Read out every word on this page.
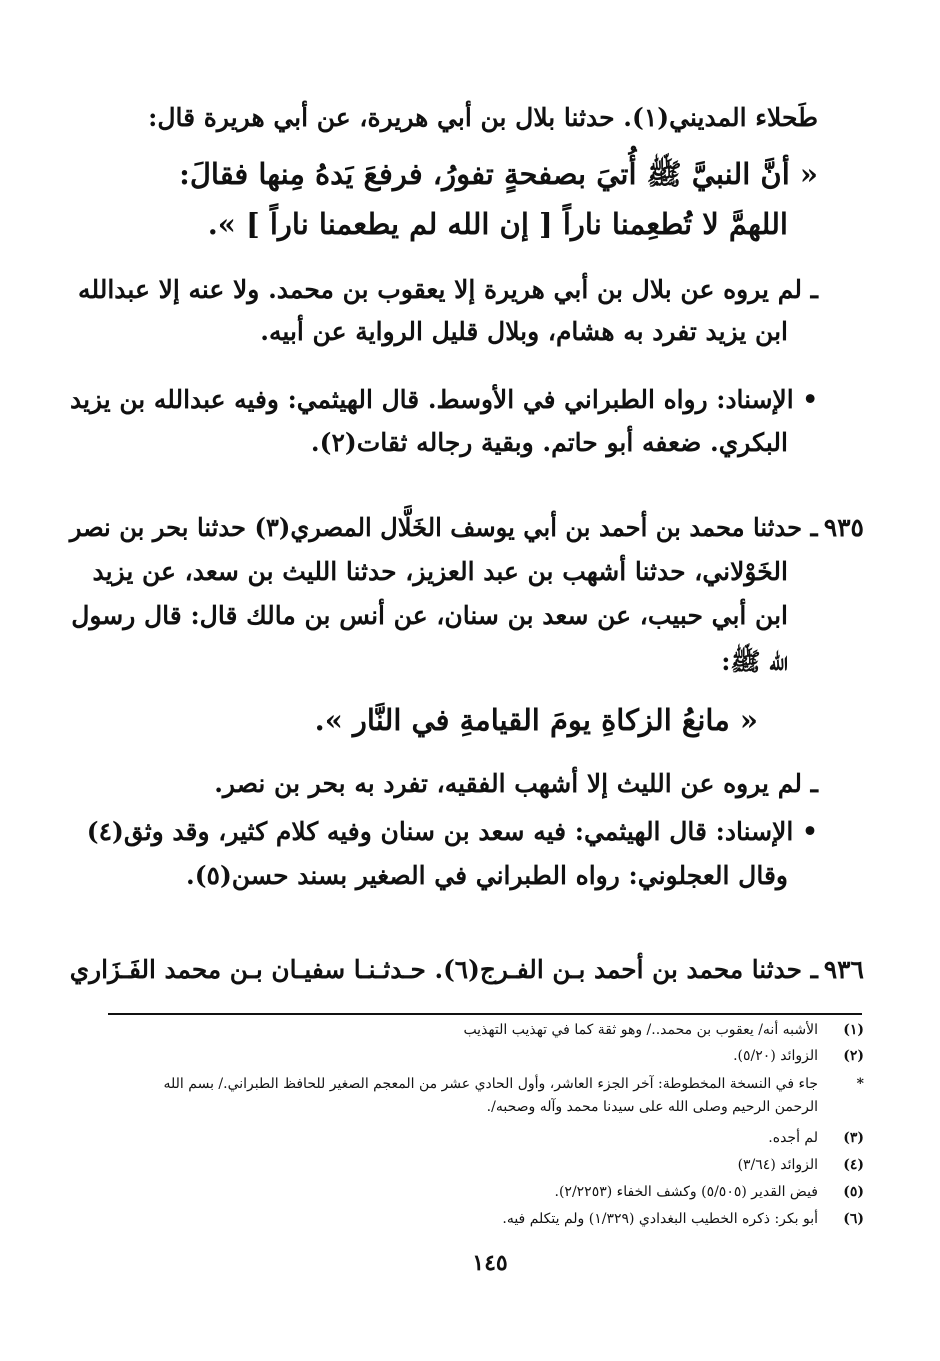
طَحلاء المديني(١). حدثنا بلال بن أبي هريرة، عن أبي هريرة قال:
« أنَّ النبيَّ ﷺ أُتيَ بصفحةٍ تفورُ، فرفعَ يَدهُ مِنها فقالَ:
اللهمَّ لا تُطعِمنا ناراً [ إن الله لم يطعمنا ناراً ] ».
ـ لم يروه عن بلال بن أبي هريرة إلا يعقوب بن محمد. ولا عنه إلا عبدالله
ابن يزيد تفرد به هشام، وبلال قليل الرواية عن أبيه.
• الإسناد: رواه الطبراني في الأوسط. قال الهيثمي: وفيه عبدالله بن يزيد
البكري. ضعفه أبو حاتم. وبقية رجاله ثقات(٢).
٩٣٥
ـ حدثنا محمد بن أحمد بن أبي يوسف الخَلَّال المصري(٣) حدثنا بحر بن نصر
الخَوْلاني، حدثنا أشهب بن عبد العزيز، حدثنا الليث بن سعد، عن يزيد
ابن أبي حبيب، عن سعد بن سنان، عن أنس بن مالك قال: قال رسول
الله ﷺ:
« مانعُ الزكاةِ يومَ القيامةِ في النَّار ».
ـ لم يروه عن الليث إلا أشهب الفقيه، تفرد به بحر بن نصر.
• الإسناد: قال الهيثمي: فيه سعد بن سنان وفيه كلام كثير، وقد وثق(٤)
وقال العجلوني: رواه الطبراني في الصغير بسند حسن(٥).
٩٣٦
ـ حدثنا محمد بن أحمد بـن الفـرج(٦). حـدثـنـا سفيـان بـن محمد الفَـزَاري
(١)
الأشبه أنه/ يعقوب بن محمد../ وهو ثقة كما في تهذيب التهذيب
(٢)
الزوائد (٥/٢٠).
*
جاء في النسخة المخطوطة: آخر الجزء العاشر، وأول الحادي عشر من المعجم الصغير للحافظ الطبراني./ بسم الله
الرحمن الرحيم وصلى الله على سيدنا محمد وآله وصحبه/.
(٣)
لم أجده.
(٤)
الزوائد (٣/٦٤)
(٥)
فيض القدير (٥/٥٠٥) وكشف الخفاء (٢/٢٢٥٣).
(٦)
أبو بكر: ذكره الخطيب البغدادي (١/٣٢٩) ولم يتكلم فيه.
١٤٥
